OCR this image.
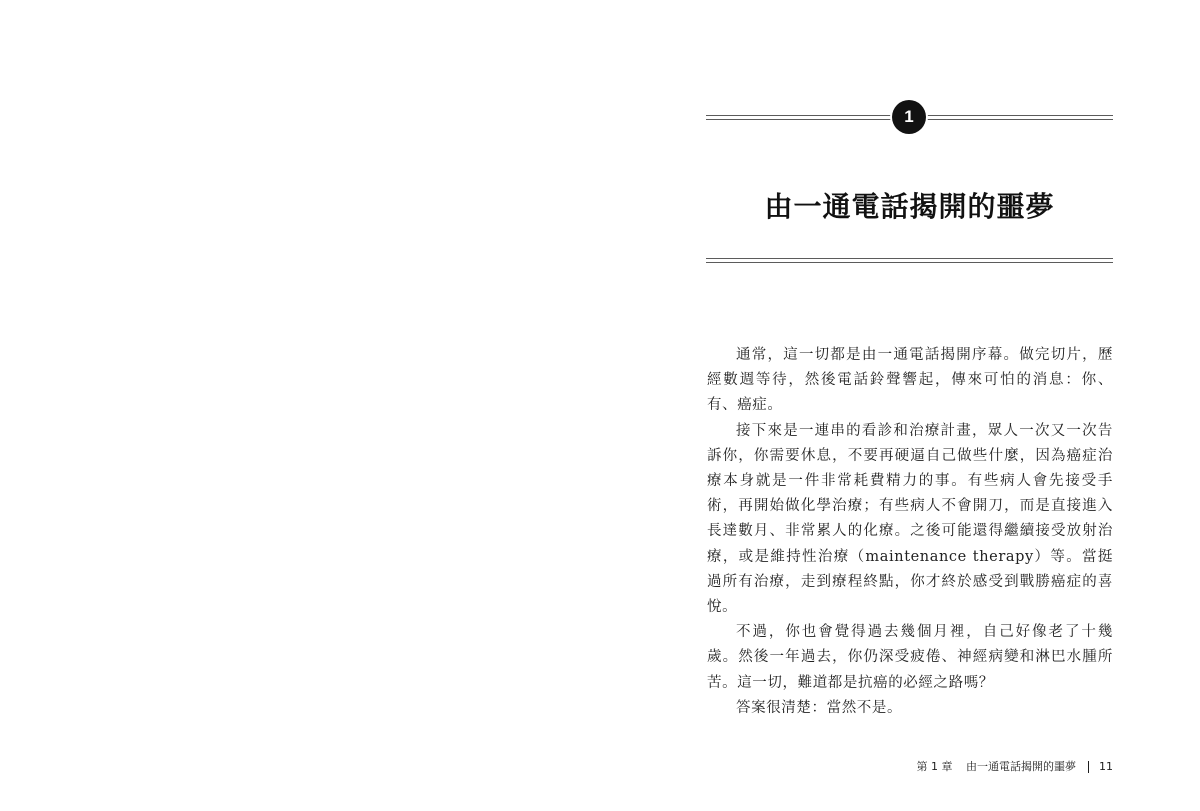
1
由一通電話揭開的噩夢

通常，這一切都是由一通電話揭開序幕。做完切片，歷經數週等待，然後電話鈴聲響起，傳來可怕的消息：你、有、癌症。

接下來是一連串的看診和治療計畫，眾人一次又一次告訴你，你需要休息，不要再硬逼自己做些什麼，因為癌症治療本身就是一件非常耗費精力的事。有些病人會先接受手術，再開始做化學治療；有些病人不會開刀，而是直接進入長達數月、非常累人的化療。之後可能還得繼續接受放射治療，或是維持性治療（maintenance therapy）等。當挺過所有治療，走到療程終點，你才終於感受到戰勝癌症的喜悅。

不過，你也會覺得過去幾個月裡，自己好像老了十幾歲。然後一年過去，你仍深受疲倦、神經病變和淋巴水腫所苦。這一切，難道都是抗癌的必經之路嗎？

答案很清楚：當然不是。

第 1 章 由一通電話揭開的噩夢 11
